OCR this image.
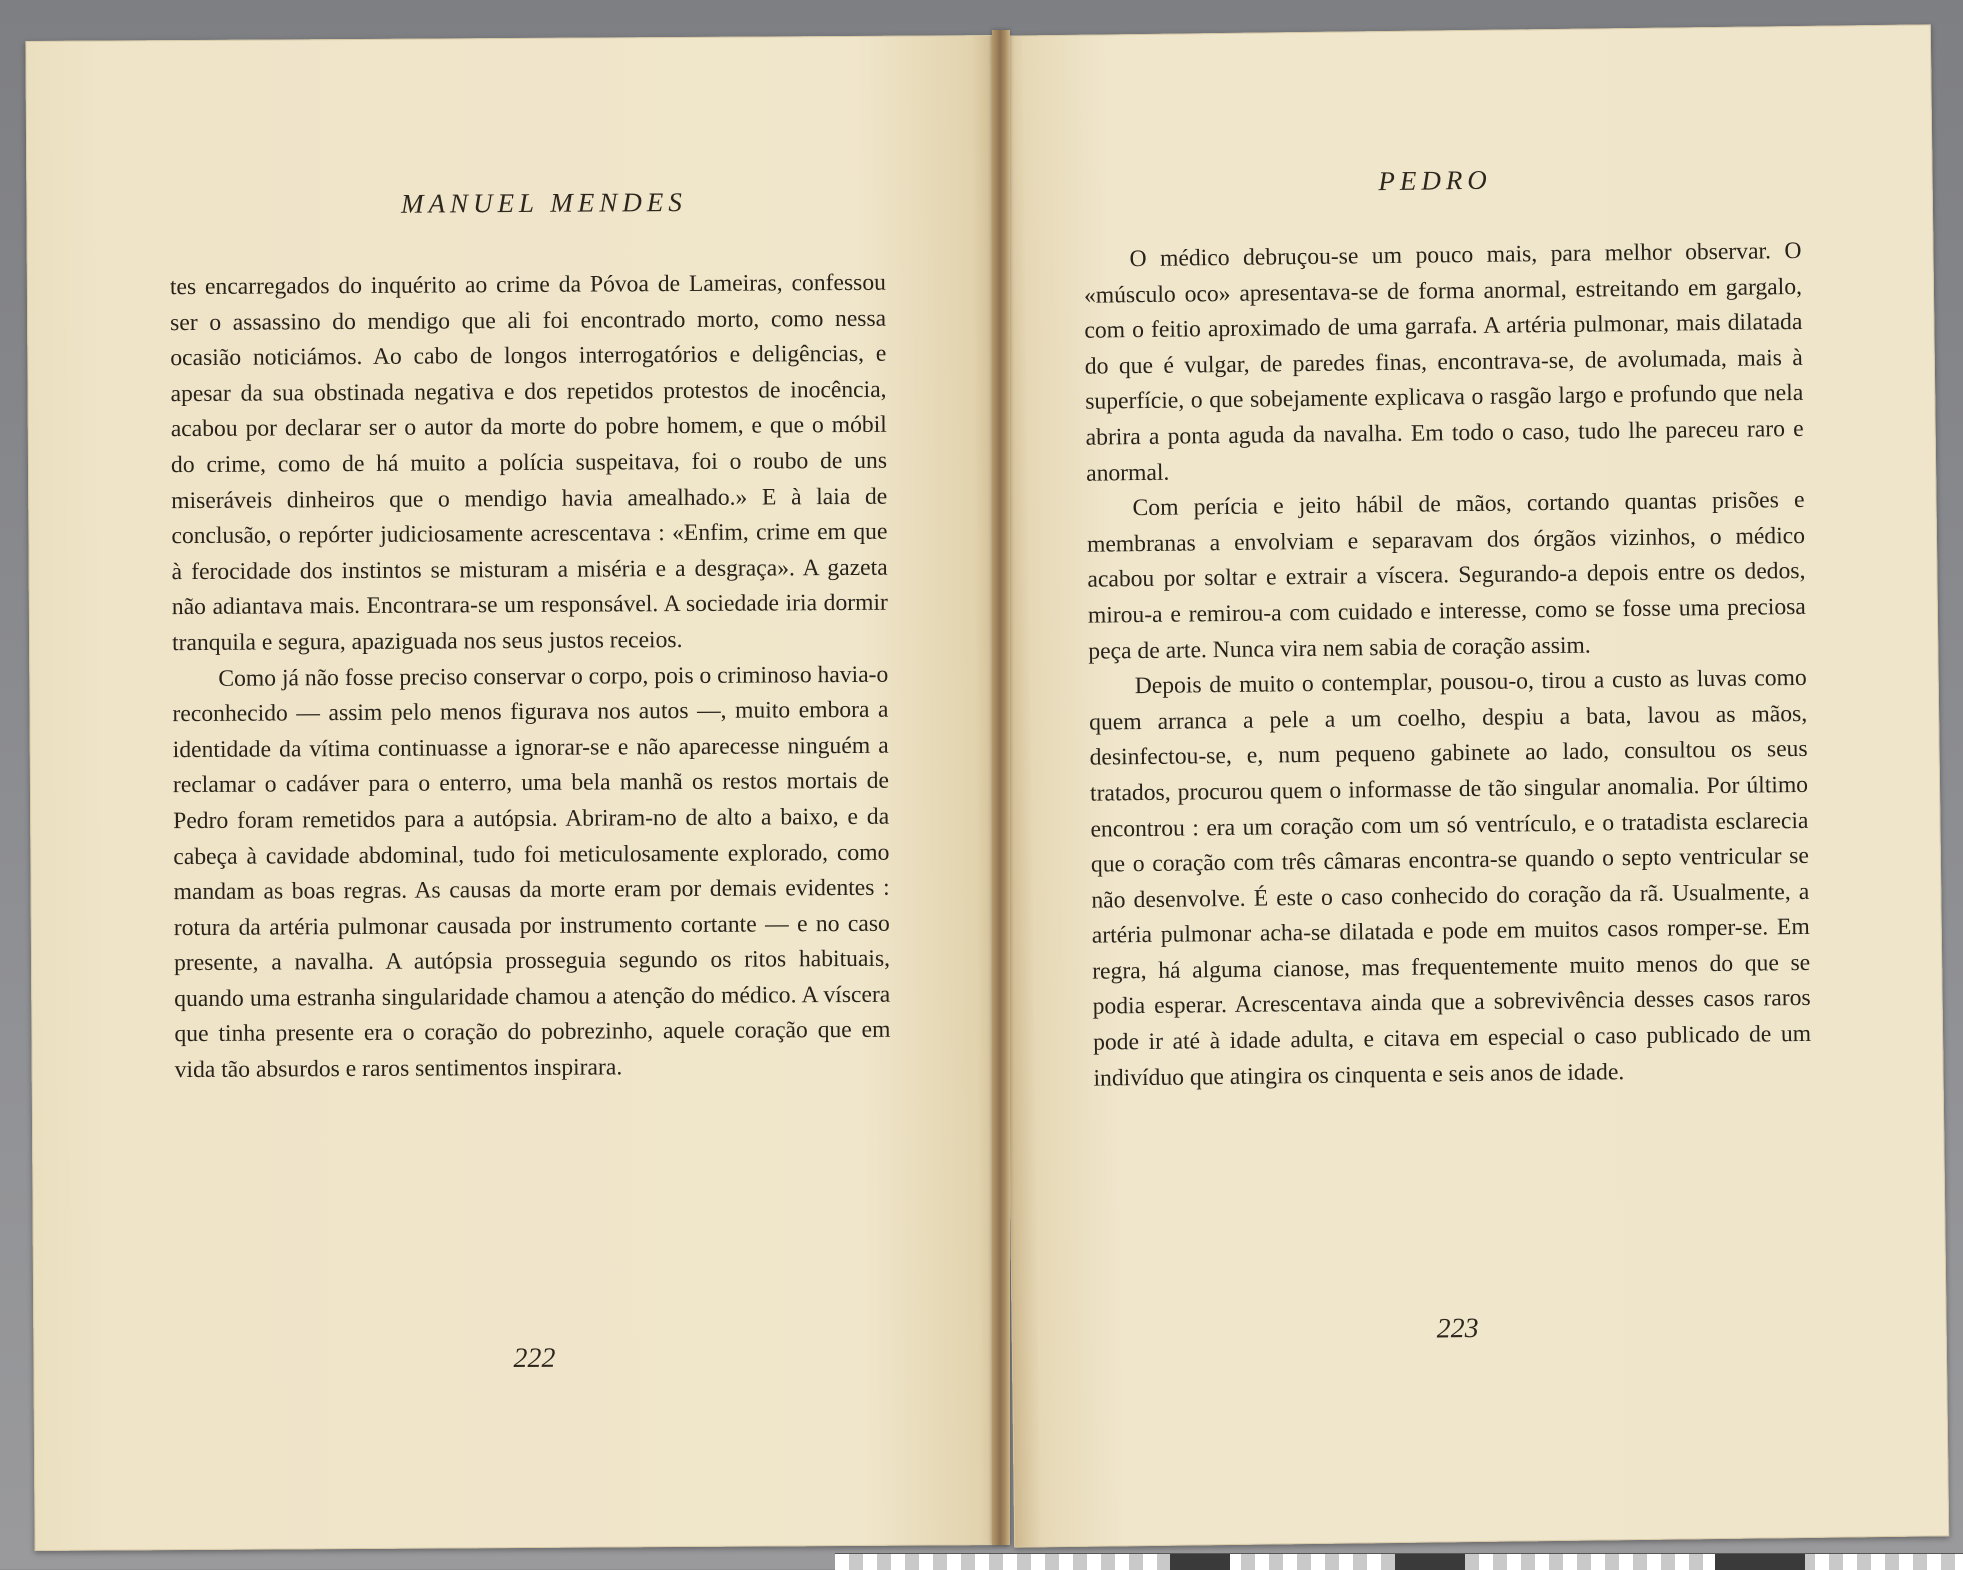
MANUEL MENDES

tes encarregados do inquérito ao crime da Póvoa de Lameiras, confessou ser o assassino do mendigo que ali foi encontrado morto, como nessa ocasião noticiámos. Ao cabo de longos interrogatórios e deligências, e apesar da sua obstinada negativa e dos repetidos protestos de inocência, acabou por declarar ser o autor da morte do pobre homem, e que o móbil do crime, como de há muito a polícia suspeitava, foi o roubo de uns miseráveis dinheiros que o mendigo havia amealhado.» E à laia de conclusão, o repórter judiciosamente acrescentava : «Enfim, crime em que à ferocidade dos instintos se misturam a miséria e a desgraça». A gazeta não adiantava mais. Encontrara-se um responsável. A sociedade iria dormir tranquila e segura, apaziguada nos seus justos receios.

Como já não fosse preciso conservar o corpo, pois o criminoso havia-o reconhecido — assim pelo menos figurava nos autos —, muito embora a identidade da vítima continuasse a ignorar-se e não aparecesse ninguém a reclamar o cadáver para o enterro, uma bela manhã os restos mortais de Pedro foram remetidos para a autópsia. Abriram-no de alto a baixo, e da cabeça à cavidade abdominal, tudo foi meticulosamente explorado, como mandam as boas regras. As causas da morte eram por demais evidentes : rotura da artéria pulmonar causada por instrumento cortante — e no caso presente, a navalha. A autópsia prosseguia segundo os ritos habituais, quando uma estranha singularidade chamou a atenção do médico. A víscera que tinha presente era o coração do pobrezinho, aquele coração que em vida tão absurdos e raros sentimentos inspirara.

222
PEDRO

O médico debruçou-se um pouco mais, para melhor observar. O «músculo oco» apresentava-se de forma anormal, estreitando em gargalo, com o feitio aproximado de uma garrafa. A artéria pulmonar, mais dilatada do que é vulgar, de paredes finas, encontrava-se, de avolumada, mais à superfície, o que sobejamente explicava o rasgão largo e profundo que nela abrira a ponta aguda da navalha. Em todo o caso, tudo lhe pareceu raro e anormal.

Com perícia e jeito hábil de mãos, cortando quantas prisões e membranas a envolviam e separavam dos órgãos vizinhos, o médico acabou por soltar e extrair a víscera. Segurando-a depois entre os dedos, mirou-a e remirou-a com cuidado e interesse, como se fosse uma preciosa peça de arte. Nunca vira nem sabia de coração assim.

Depois de muito o contemplar, pousou-o, tirou a custo as luvas como quem arranca a pele a um coelho, despiu a bata, lavou as mãos, desinfectou-se, e, num pequeno gabinete ao lado, consultou os seus tratados, procurou quem o informasse de tão singular anomalia. Por último encontrou : era um coração com um só ventrículo, e o tratadista esclarecia que o coração com três câmaras encontra-se quando o septo ventricular se não desenvolve. É este o caso conhecido do coração da rã. Usualmente, a artéria pulmonar acha-se dilatada e pode em muitos casos romper-se. Em regra, há alguma cianose, mas frequentemente muito menos do que se podia esperar. Acrescentava ainda que a sobrevivência desses casos raros pode ir até à idade adulta, e citava em especial o caso publicado de um indivíduo que atingira os cinquenta e seis anos de idade.

223
